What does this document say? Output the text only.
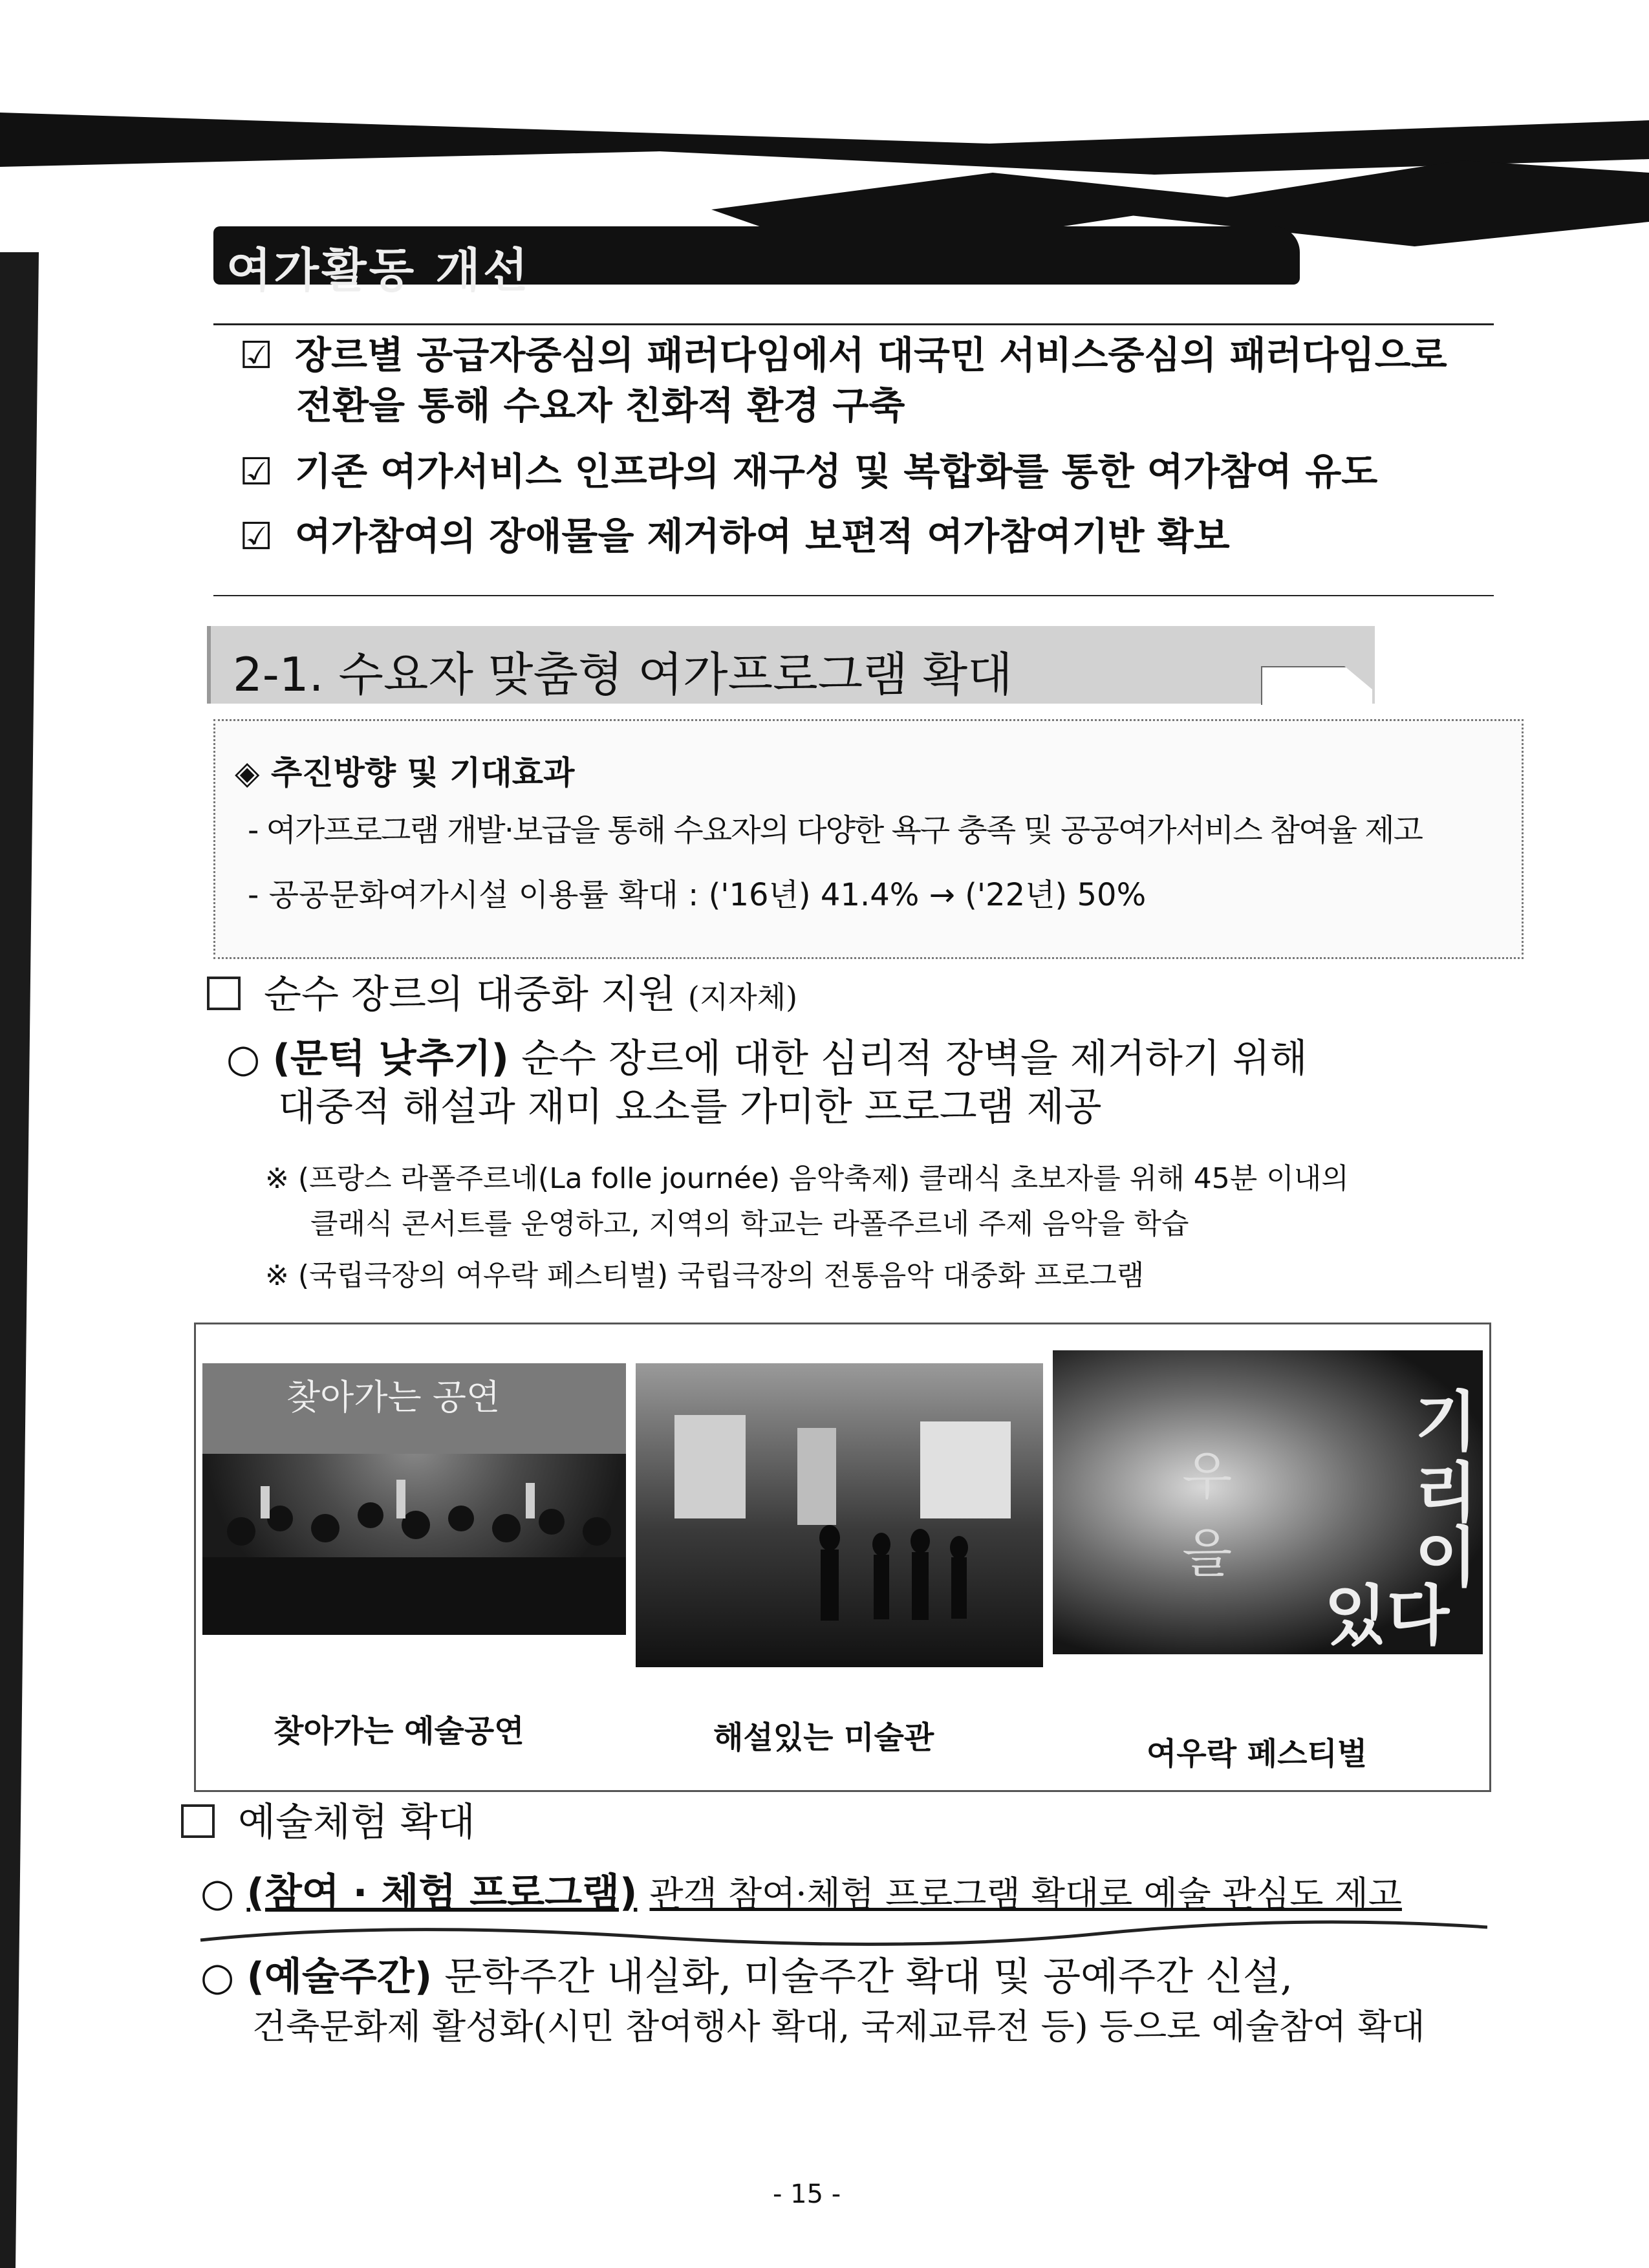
여가활동 개선
☑ 장르별 공급자중심의 패러다임에서 대국민 서비스중심의 패러다임으로
전환을 통해 수요자 친화적 환경 구축
☑ 기존 여가서비스 인프라의 재구성 및 복합화를 통한 여가참여 유도
☑ 여가참여의 장애물을 제거하여 보편적 여가참여기반 확보
2-1. 수요자 맞춤형 여가프로그램 확대
◈ 추진방향 및 기대효과
- 여가프로그램 개발·보급을 통해 수요자의 다양한 욕구 충족 및 공공여가서비스 참여율 제고
- 공공문화여가시설 이용률 확대 : ('16년) 41.4% → ('22년) 50%
순수 장르의 대중화 지원 (지자체)
○ (문턱 낮추기) 순수 장르에 대한 심리적 장벽을 제거하기 위해
대중적 해설과 재미 요소를 가미한 프로그램 제공
※ (프랑스 라폴주르네(La folle journée) 음악축제) 클래식 초보자를 위해 45분 이내의
클래식 콘서트를 운영하고, 지역의 학교는 라폴주르네 주제 음악을 학습
※ (국립극장의 여우락 페스티벌) 국립극장의 전통음악 대중화 프로그램
찾아가는 공연	기
리
이
있다
을
우
찾아가는 예술공연	해설있는 미술관	여우락 페스티벌
예술체험 확대
○ (참여 · 체험 프로그램) 관객 참여·체험 프로그램 확대로 예술 관심도 제고
○ (예술주간) 문학주간 내실화, 미술주간 확대 및 공예주간 신설,
건축문화제 활성화(시민 참여행사 확대, 국제교류전 등) 등으로 예술참여 확대
- 15 -
